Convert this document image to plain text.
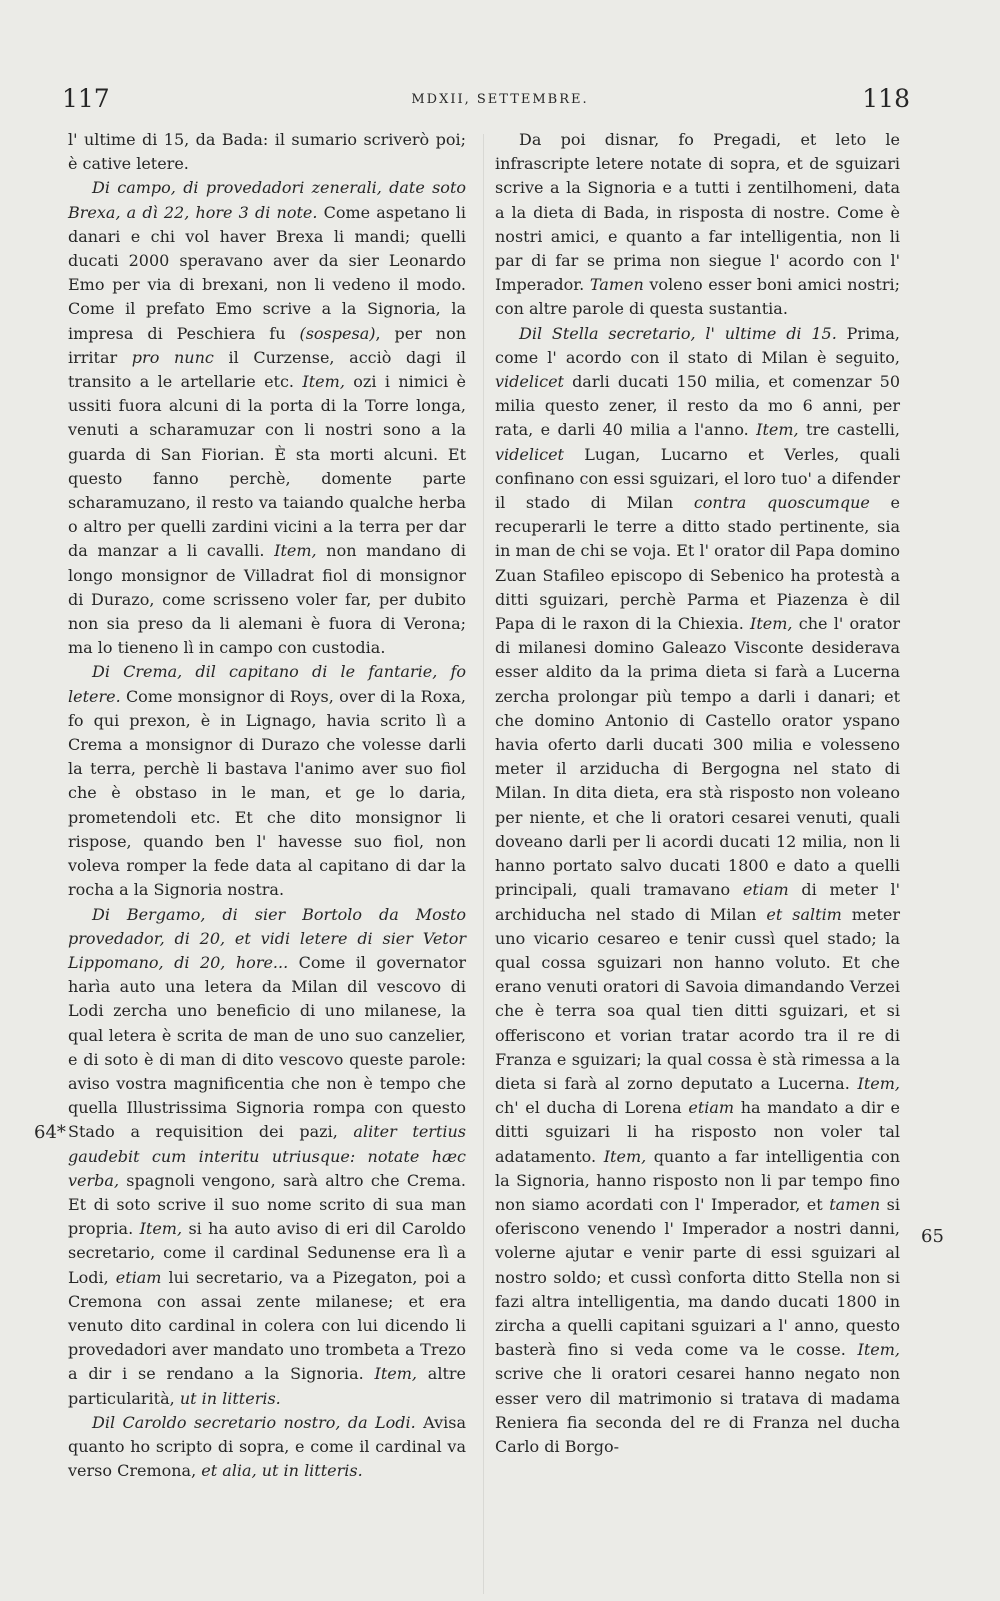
117	MDXII, SETTEMBRE.	118

l' ultime di 15, da Bada: il sumario scriverò poi; è cative letere.

Di campo, di provedadori zenerali, date soto Brexa, a dì 22, hore 3 di note. Come aspetano li danari e chi vol haver Brexa li mandi; quelli ducati 2000 speravano aver da sier Leonardo Emo per via di brexani, non li vedeno il modo. Come il prefato Emo scrive a la Signoria, la impresa di Peschiera fu (sospesa), per non irritar pro nunc il Curzense, acciò dagi il transito a le artellarie etc. Item, ozi i nimici è ussiti fuora alcuni di la porta di la Torre longa, venuti a scharamuzar con li nostri sono a la guarda di San Fiorian. È sta morti alcuni. Et questo fanno perchè, domente parte scharamuzano, il resto va taiando qualche herba o altro per quelli zardini vicini a la terra per dar da manzar a li cavalli. Item, non mandano di longo monsignor de Villadrat fiol di monsignor di Durazo, come scrisseno voler far, per dubito non sia preso da li alemani è fuora di Verona; ma lo tieneno lì in campo con custodia.

Di Crema, dil capitano di le fantarie, fo letere. Come monsignor di Roys, over di la Roxa, fo qui prexon, è in Lignago, havia scrito lì a Crema a monsignor di Durazo che volesse darli la terra, perchè li bastava l'animo aver suo fiol che è obstaso in le man, et ge lo daria, prometendoli etc. Et che dito monsignor li rispose, quando ben l' havesse suo fiol, non voleva romper la fede data al capitano di dar la rocha a la Signoria nostra.

Di Bergamo, di sier Bortolo da Mosto provedador, di 20, et vidi letere di sier Vetor Lippomano, di 20, hore... Come il governator harìa auto una letera da Milan dil vescovo di Lodi zercha uno beneficio di uno milanese, la qual letera è scrita de man de uno suo canzelier, e di soto è di man di dito vescovo queste parole: aviso vostra magnificentia che non è tempo che quella Illustrissima Signoria rompa con questo Stado a requisition dei pazi, aliter tertius gaudebit cum interitu utriusque: notate hæc verba, spagnoli vengono, sarà altro che Crema. Et di soto scrive il suo nome scrito di sua man propria. Item, si ha auto aviso di eri dil Caroldo secretario, come il cardinal Sedunense era lì a Lodi, etiam lui secretario, va a Pizegaton, poi a Cremona con assai zente milanese; et era venuto dito cardinal in colera con lui dicendo li provedadori aver mandato uno trombeta a Trezo a dir i se rendano a la Signoria. Item, altre particularità, ut in litteris.

Dil Caroldo secretario nostro, da Lodi. Avisa quanto ho scripto di sopra, e come il cardinal va verso Cremona, et alia, ut in litteris.

Da poi disnar, fo Pregadi, et leto le infrascripte letere notate di sopra, et de sguizari scrive a la Signoria e a tutti i zentilhomeni, data a la dieta di Bada, in risposta di nostre. Come è nostri amici, e quanto a far intelligentia, non li par di far se prima non siegue l' acordo con l' Imperador. Tamen voleno esser boni amici nostri; con altre parole di questa sustantia.

Dil Stella secretario, l' ultime di 15. Prima, come l' acordo con il stato di Milan è seguito, videlicet darli ducati 150 milia, et comenzar 50 milia questo zener, il resto da mo 6 anni, per rata, e darli 40 milia a l'anno. Item, tre castelli, videlicet Lugan, Lucarno et Verles, quali confinano con essi sguizari, el loro tuo' a difender il stado di Milan contra quoscumque e recuperarli le terre a ditto stado pertinente, sia in man de chi se voja. Et l' orator dil Papa domino Zuan Stafileo episcopo di Sebenico ha protestà a ditti sguizari, perchè Parma et Piazenza è dil Papa di le raxon di la Chiexia. Item, che l' orator di milanesi domino Galeazo Visconte desiderava esser aldito da la prima dieta si farà a Lucerna zercha prolongar più tempo a darli i danari; et che domino Antonio di Castello orator yspano havia oferto darli ducati 300 milia e volesseno meter il arziducha di Bergogna nel stato di Milan. In dita dieta, era stà risposto non voleano per niente, et che li oratori cesarei venuti, quali doveano darli per li acordi ducati 12 milia, non li hanno portato salvo ducati 1800 e dato a quelli principali, quali tramavano etiam di meter l' archiducha nel stado di Milan et saltim meter uno vicario cesareo e tenir cussì quel stado; la qual cossa sguizari non hanno voluto. Et che erano venuti oratori di Savoia dimandando Verzei che è terra soa qual tien ditti sguizari, et si offeriscono et vorian tratar acordo tra il re di Franza e sguizari; la qual cossa è stà rimessa a la dieta si farà al zorno deputato a Lucerna. Item, ch' el ducha di Lorena etiam ha mandato a dir e ditti sguizari li ha risposto non voler tal adatamento. Item, quanto a far intelligentia con la Signoria, hanno risposto non li par tempo fino non siamo acordati con l' Imperador, et tamen si oferiscono venendo l' Imperador a nostri danni, volerne ajutar e venir parte di essi sguizari al nostro soldo; et cussì conforta ditto Stella non si fazi altra intelligentia, ma dando ducati 1800 in zircha a quelli capitani sguizari a l' anno, questo basterà fino si veda come va le cosse. Item, scrive che li oratori cesarei hanno negato non esser vero dil matrimonio si tratava di madama Reniera fia seconda del re di Franza nel ducha Carlo di Borgo-

64*
65
